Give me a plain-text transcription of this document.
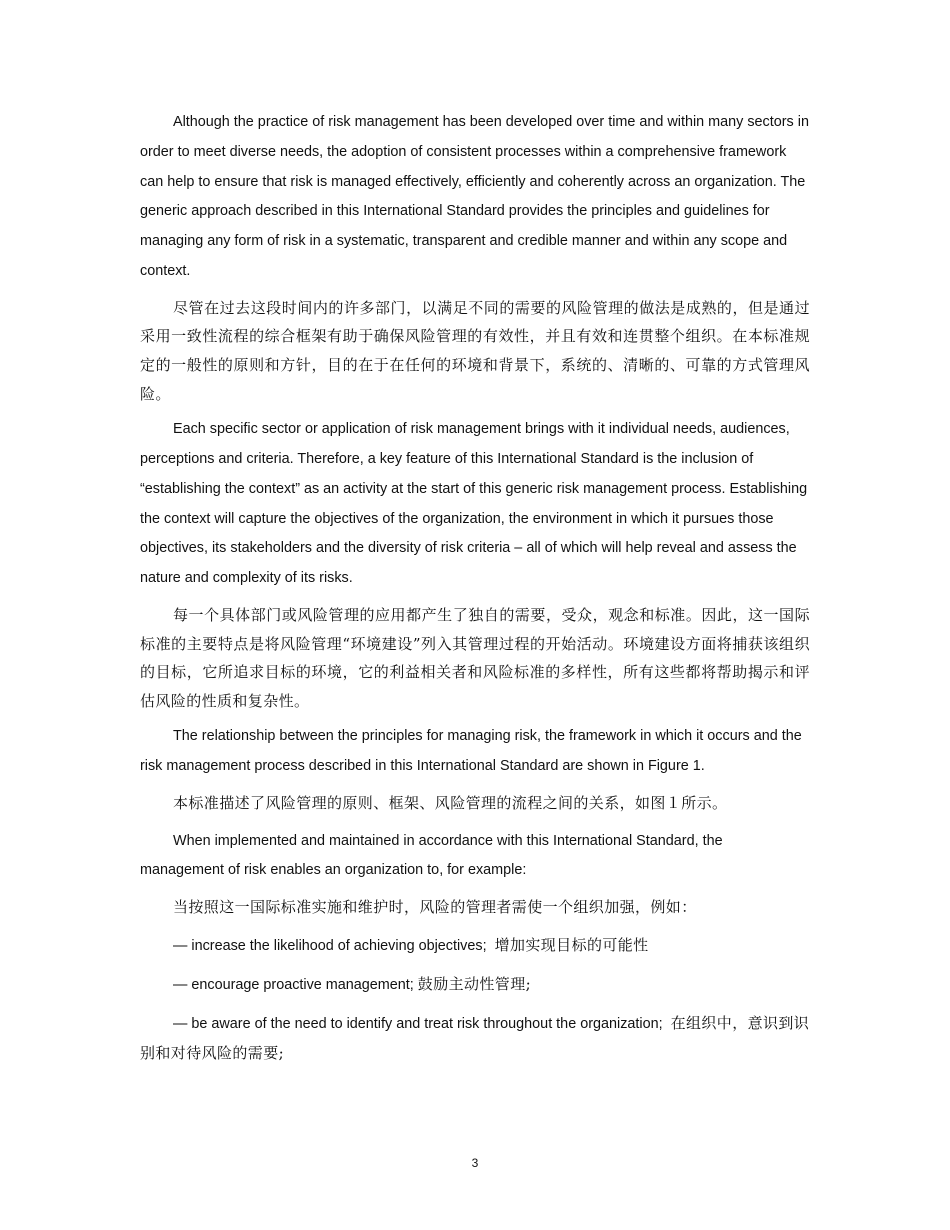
Although the practice of risk management has been developed over time and within many sectors in order to meet diverse needs, the adoption of consistent processes within a comprehensive framework can help to ensure that risk is managed effectively, efficiently and coherently across an organization. The generic approach described in this International Standard provides the principles and guidelines for managing any form of risk in a systematic, transparent and credible manner and within any scope and context.

尽管在过去这段时间内的许多部门，以满足不同的需要的风险管理的做法是成熟的，但是通过采用一致性流程的综合框架有助于确保风险管理的有效性，并且有效和连贯整个组织。在本标准规定的一般性的原则和方针，目的在于在任何的环境和背景下，系统的、清晰的、可靠的方式管理风险。

Each specific sector or application of risk management brings with it individual needs, audiences, perceptions and criteria. Therefore, a key feature of this International Standard is the inclusion of “establishing the context” as an activity at the start of this generic risk management process. Establishing the context will capture the objectives of the organization, the environment in which it pursues those objectives, its stakeholders and the diversity of risk criteria – all of which will help reveal and assess the nature and complexity of its risks.

每一个具体部门或风险管理的应用都产生了独自的需要，受众，观念和标准。因此，这一国际标准的主要特点是将风险管理“环境建设”列入其管理过程的开始活动。环境建设方面将捕获该组织的目标，它所追求目标的环境，它的利益相关者和风险标准的多样性，所有这些都将帮助揭示和评估风险的性质和复杂性。

The relationship between the principles for managing risk, the framework in which it occurs and the risk management process described in this International Standard are shown in Figure 1.

本标准描述了风险管理的原则、框架、风险管理的流程之间的关系，如图１所示。

When implemented and maintained in accordance with this International Standard, the management of risk enables an organization to, for example:

当按照这一国际标准实施和维护时，风险的管理者需使一个组织加强，例如：

— increase the likelihood of achieving objectives; 增加实现目标的可能性

— encourage proactive management; 鼓励主动性管理;

— be aware of the need to identify and treat risk throughout the organization; 在组织中，意识到识别和对待风险的需要;

3
